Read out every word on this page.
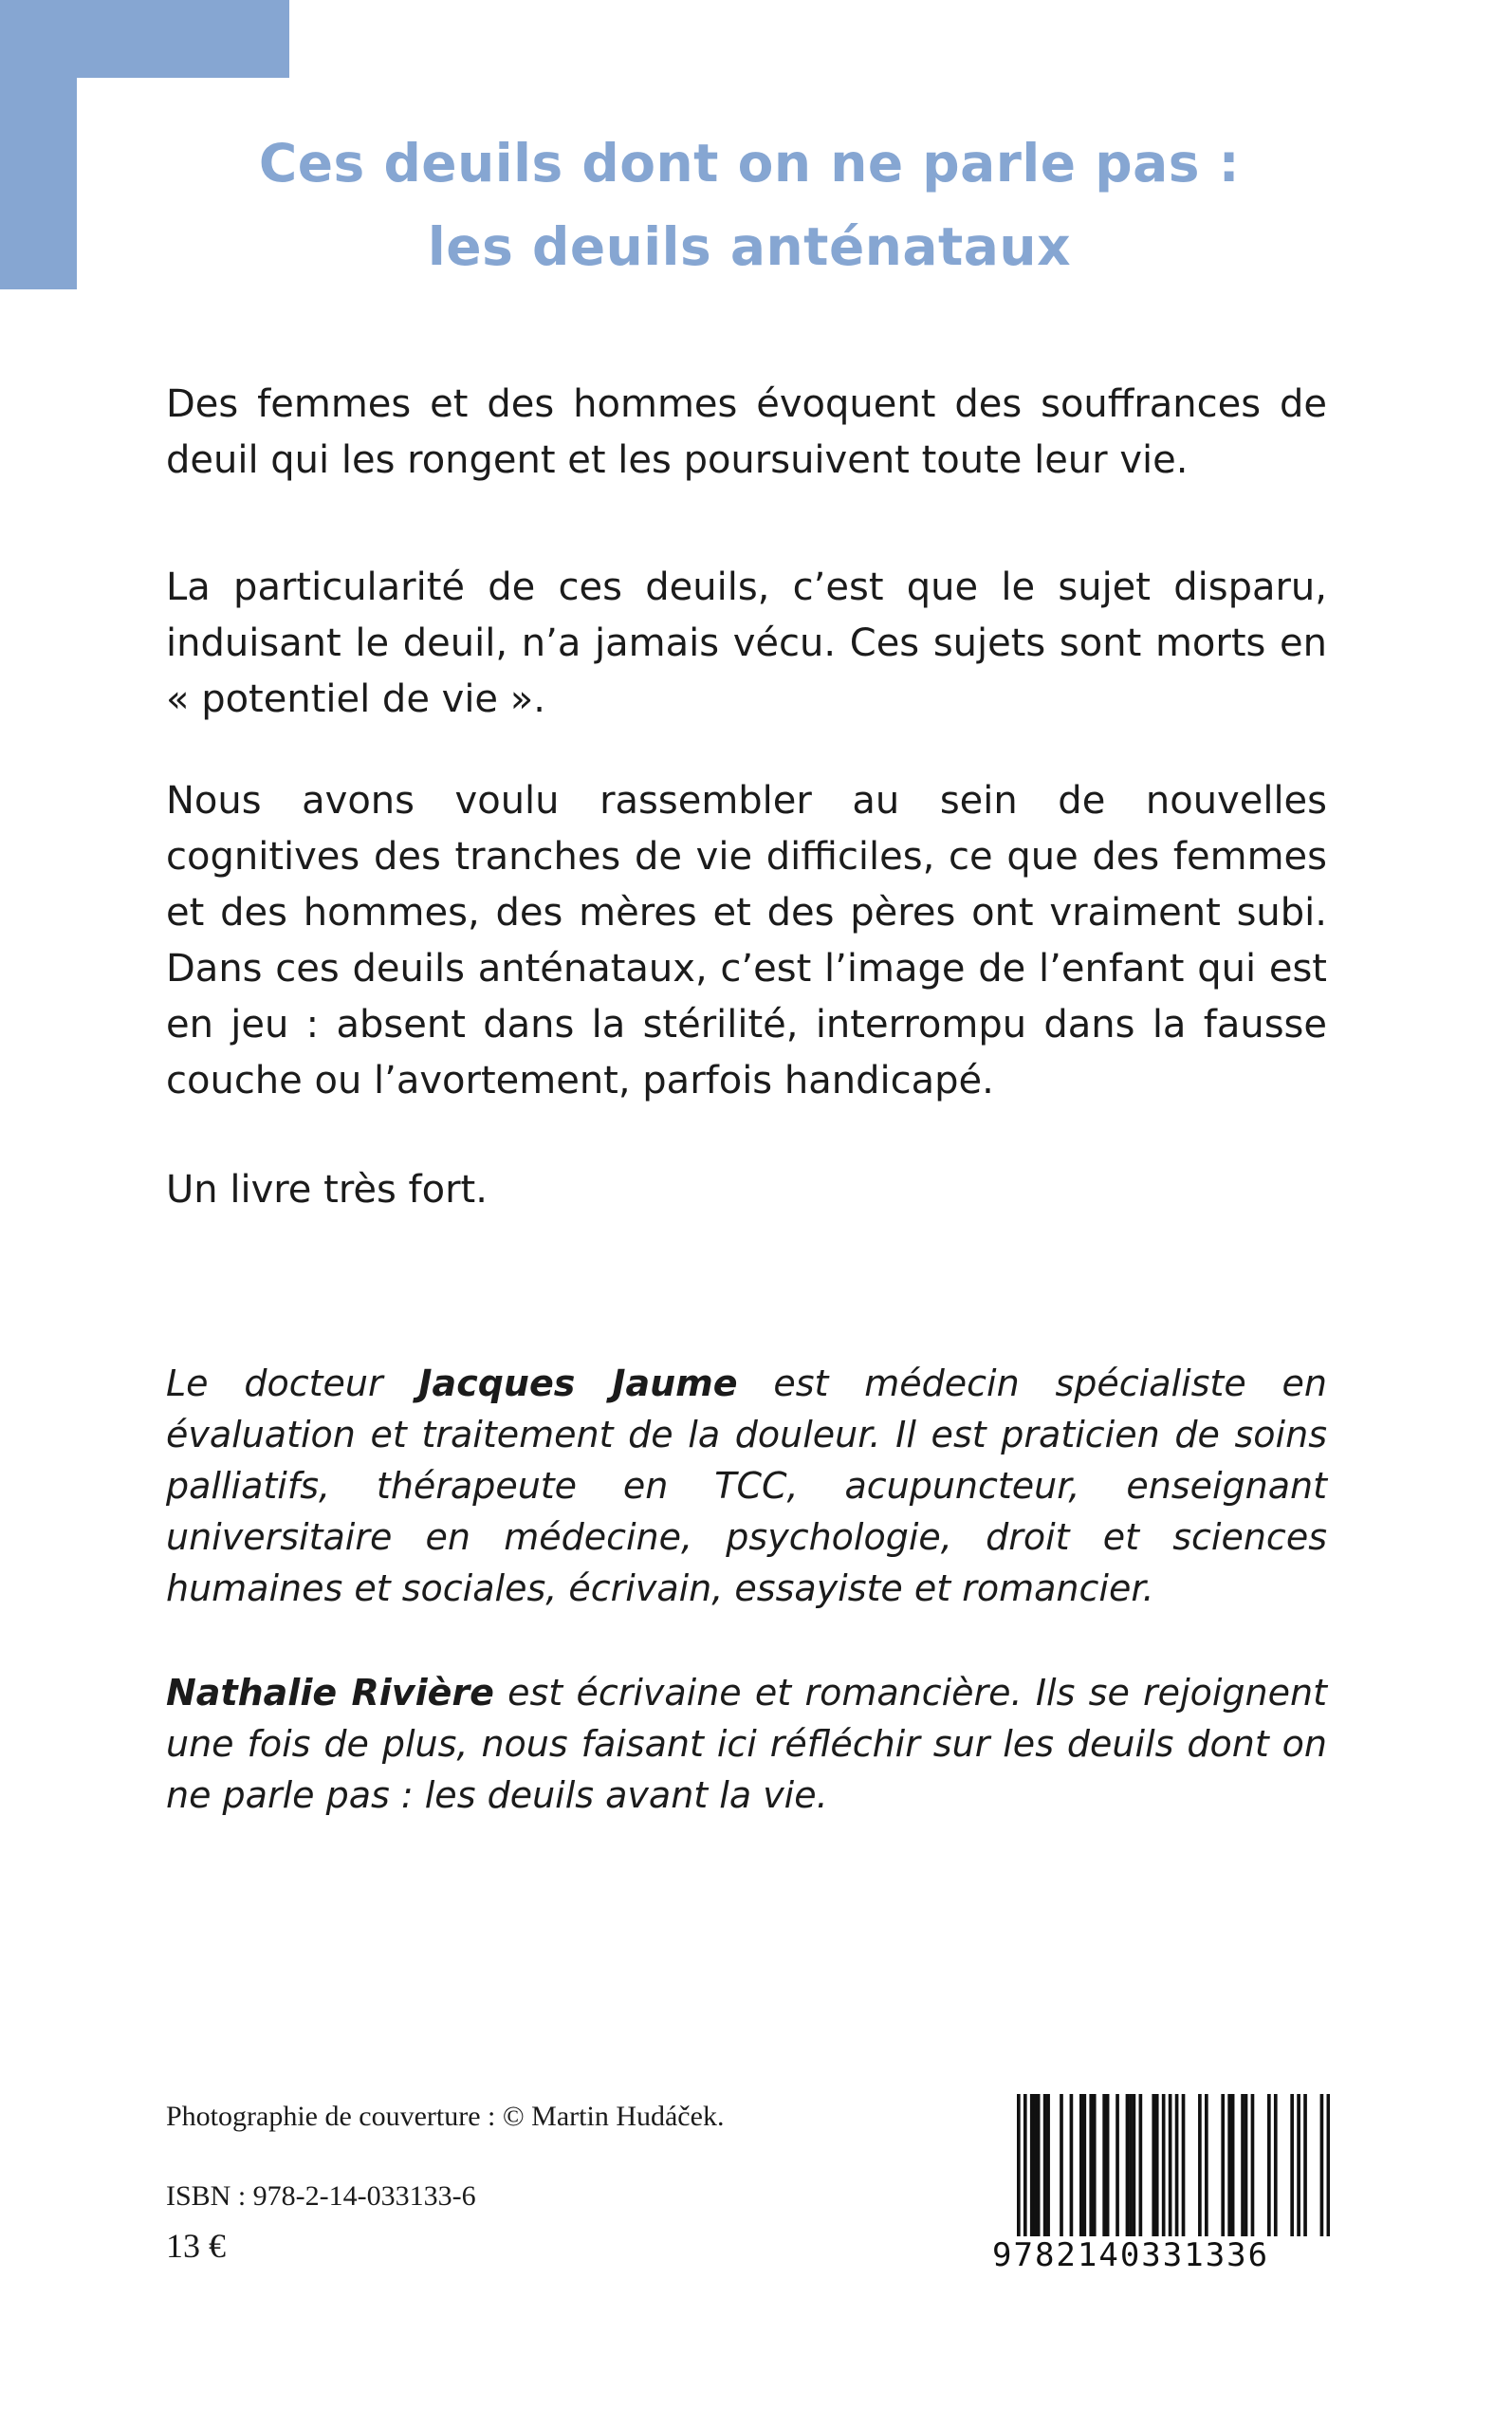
Ces deuils dont on ne parle pas :
les deuils anténataux
Des femmes et des hommes évoquent des souffrances de deuil qui les rongent et les poursuivent toute leur vie.
La particularité de ces deuils, c’est que le sujet disparu, induisant le deuil, n’a jamais vécu. Ces sujets sont morts en « potentiel de vie ».
Nous avons voulu rassembler au sein de nouvelles cognitives des tranches de vie difficiles, ce que des femmes et des hommes, des mères et des pères ont vraiment subi. Dans ces deuils anténataux, c’est l’image de l’enfant qui est en jeu : absent dans la stérilité, interrompu dans la fausse couche ou l’avortement, parfois handicapé.
Un livre très fort.
Le docteur Jacques Jaume est médecin spécialiste en évaluation et traitement de la douleur. Il est praticien de soins palliatifs, thérapeute en TCC, acupuncteur, enseignant universitaire en médecine, psychologie, droit et sciences humaines et sociales, écrivain, essayiste et romancier.
Nathalie Rivière est écrivaine et romancière. Ils se rejoignent une fois de plus, nous faisant ici réfléchir sur les deuils dont on ne parle pas : les deuils avant la vie.
Photographie de couverture : © Martin Hudáček.
ISBN : 978-2-14-033133-6
13 €	9782140331336
